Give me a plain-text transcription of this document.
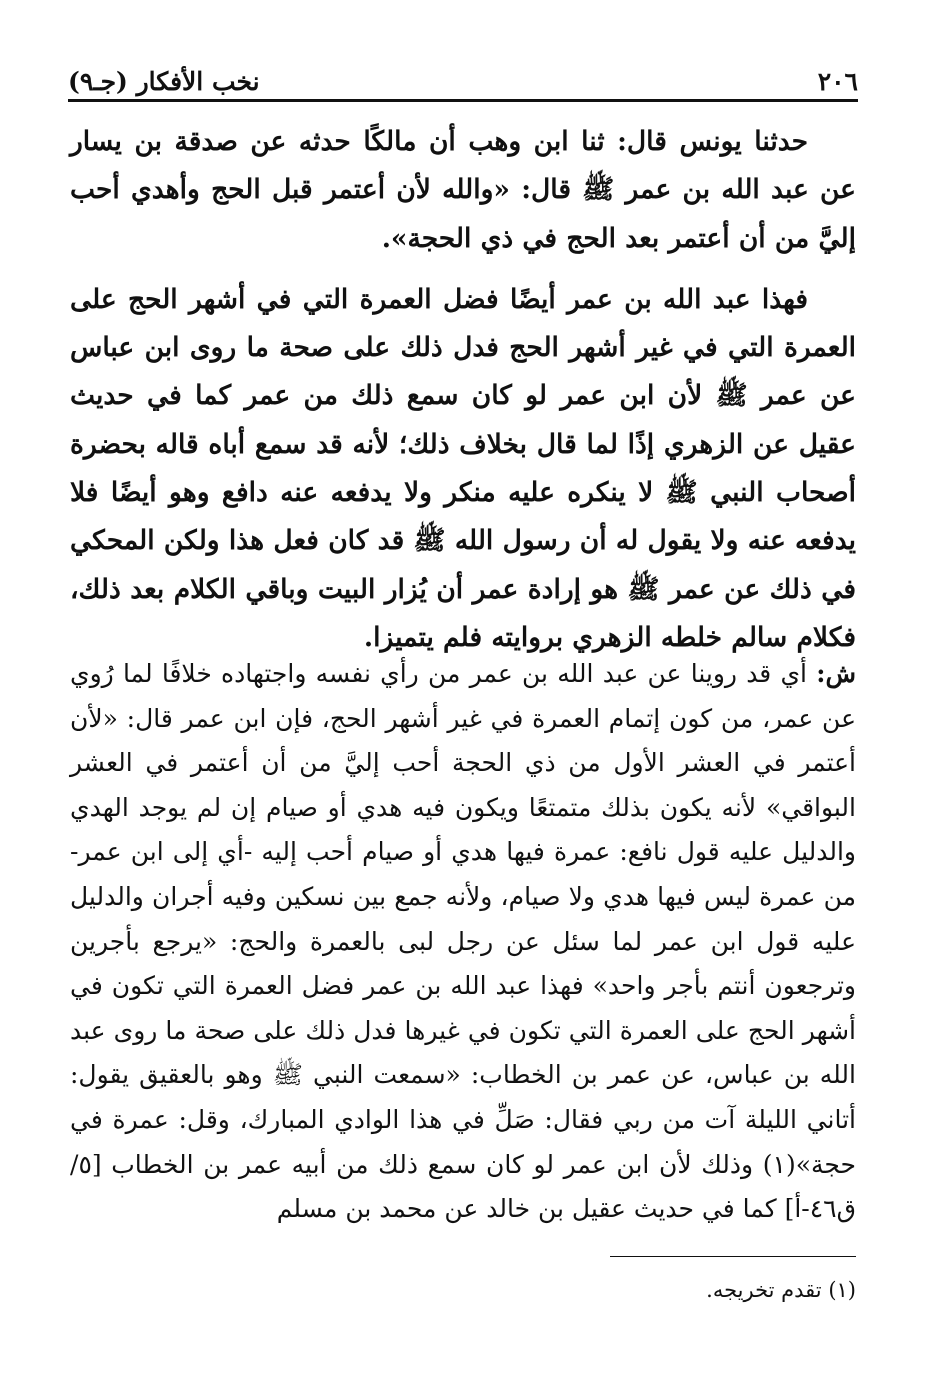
٢٠٦
نخب الأفكار (جـ٩)

حدثنا يونس قال: ثنا ابن وهب أن مالكًا حدثه عن صدقة بن يسار عن عبد الله بن عمر ﷺ قال: «والله لأن أعتمر قبل الحج وأهدي أحب إليَّ من أن أعتمر بعد الحج في ذي الحجة».

فهذا عبد الله بن عمر أيضًا فضل العمرة التي في أشهر الحج على العمرة التي في غير أشهر الحج فدل ذلك على صحة ما روى ابن عباس عن عمر ﷺ لأن ابن عمر لو كان سمع ذلك من عمر كما في حديث عقيل عن الزهري إذًا لما قال بخلاف ذلك؛ لأنه قد سمع أباه قاله بحضرة أصحاب النبي ﷺ لا ينكره عليه منكر ولا يدفعه عنه دافع وهو أيضًا فلا يدفعه عنه ولا يقول له أن رسول الله ﷺ قد كان فعل هذا ولكن المحكي في ذلك عن عمر ﷺ هو إرادة عمر أن يُزار البيت وباقي الكلام بعد ذلك، فكلام سالم خلطه الزهري بروايته فلم يتميزا.

ش: أي قد روينا عن عبد الله بن عمر من رأي نفسه واجتهاده خلافًا لما رُوي عن عمر، من كون إتمام العمرة في غير أشهر الحج، فإن ابن عمر قال: «لأن أعتمر في العشر الأول من ذي الحجة أحب إليَّ من أن أعتمر في العشر البواقي» لأنه يكون بذلك متمتعًا ويكون فيه هدي أو صيام إن لم يوجد الهدي والدليل عليه قول نافع: عمرة فيها هدي أو صيام أحب إليه -أي إلى ابن عمر- من عمرة ليس فيها هدي ولا صيام، ولأنه جمع بين نسكين وفيه أجران والدليل عليه قول ابن عمر لما سئل عن رجل لبى بالعمرة والحج: «يرجع بأجرين وترجعون أنتم بأجر واحد» فهذا عبد الله بن عمر فضل العمرة التي تكون في أشهر الحج على العمرة التي تكون في غيرها فدل ذلك على صحة ما روى عبد الله بن عباس، عن عمر بن الخطاب: «سمعت النبي ﷺ وهو بالعقيق يقول: أتاني الليلة آت من ربي فقال: صَلِّ في هذا الوادي المبارك، وقل: عمرة في حجة»(١) وذلك لأن ابن عمر لو كان سمع ذلك من أبيه عمر بن الخطاب [٥/ ق٤٦-أ] كما في حديث عقيل بن خالد عن محمد بن مسلم

(١) تقدم تخريجه.
